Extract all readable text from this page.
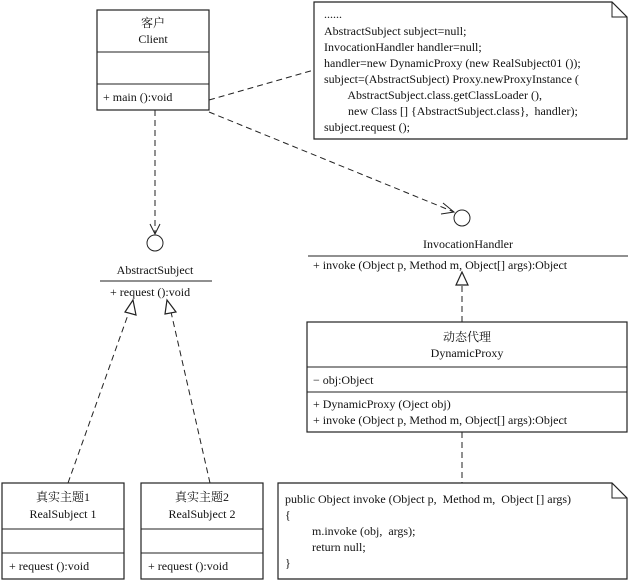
客户
Client
+ main ():void
......
AbstractSubject subject=null;
InvocationHandler handler=null;
handler=new DynamicProxy (new RealSubject01 ());
subject=(AbstractSubject) Proxy.newProxyInstance (
AbstractSubject.class.getClassLoader (),
new Class [] {AbstractSubject.class},  handler);
subject.request ();
AbstractSubject
+ request ():void
InvocationHandler
+ invoke (Object p, Method m, Object[] args):Object
动态代理
DynamicProxy
− obj:Object
+ DynamicProxy (Oject obj)
+ invoke (Object p, Method m, Object[] args):Object
public Object invoke (Object p,  Method m,  Object [] args)
{
m.invoke (obj,  args);
return null;
}
真实主题1
RealSubject 1
+ request ():void
真实主题2
RealSubject 2
+ request ():void
